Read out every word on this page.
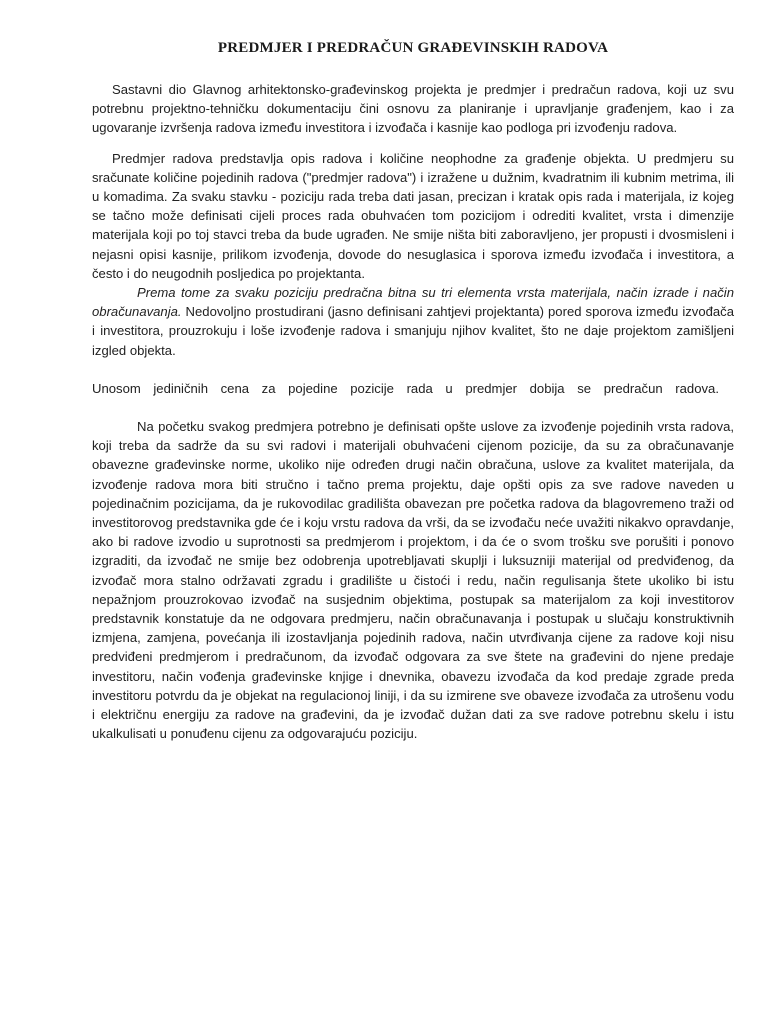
PREDMJER I PREDRAČUN GRAĐEVINSKIH RADOVA

Sastavni dio Glavnog arhitektonsko-građevinskog projekta je predmjer i predračun radova, koji uz svu potrebnu projektno-tehničku dokumentaciju čini osnovu za planiranje i upravljanje građenjem, kao i za ugovaranje izvršenja radova između investitora i izvođača i kasnije kao podloga pri izvođenju radova.

Predmjer radova predstavlja opis radova i količine neophodne za građenje objekta. U predmjeru su sračunate količine pojedinih radova ("predmjer radova") i izražene u dužnim, kvadratnim ili kubnim metrima, ili u komadima. Za svaku stavku - poziciju rada treba dati jasan, precizan i kratak opis rada i materijala, iz kojeg se tačno može definisati cijeli proces rada obuhvaćen tom pozicijom i odrediti kvalitet, vrsta i dimenzije materijala koji po toj stavci treba da bude ugrađen. Ne smije ništa biti zaboravljeno, jer propusti i dvosmisleni i nejasni opisi kasnije, prilikom izvođenja, dovode do nesuglasica i sporova između izvođača i investitora, a često i do neugodnih posljedica po projektanta.

Prema tome za svaku poziciju predračna bitna su tri elementa vrsta materijala, način izrade i način obračunavanja. Nedovoljno prostudirani (jasno definisani zahtjevi projektanta) pored sporova između izvođača i investitora, prouzrokuju i loše izvođenje radova i smanjuju njihov kvalitet, što ne daje projektom zamišljeni izgled objekta.

Unosom jediničnih cena za pojedine pozicije rada u predmjer dobija se predračun radova.

Na početku svakog predmjera potrebno je definisati opšte uslove za izvođenje pojedinih vrsta radova, koji treba da sadrže da su svi radovi i materijali obuhvaćeni cijenom pozicije, da su za obračunavanje obavezne građevinske norme, ukoliko nije određen drugi način obračuna, uslove za kvalitet materijala, da izvođenje radova mora biti stručno i tačno prema projektu, daje opšti opis za sve radove naveden u pojedinačnim pozicijama, da je rukovodilac gradilišta obavezan pre početka radova da blagovremeno traži od investitorovog predstavnika gde će i koju vrstu radova da vrši, da se izvođaču neće uvažiti nikakvo opravdanje, ako bi radove izvodio u suprotnosti sa predmjerom i projektom, i da će o svom trošku sve porušiti i ponovo izgraditi, da izvođač ne smije bez odobrenja upotrebljavati skuplji i luksuzniji materijal od predviđenog, da izvođač mora stalno održavati zgradu i gradilište u čistoći i redu, način regulisanja štete ukoliko bi istu nepažnjom prouzrokovao izvođač na susjednim objektima, postupak sa materijalom za koji investitorov predstavnik konstatuje da ne odgovara predmjeru, način obračunavanja i postupak u slučaju konstruktivnih izmjena, zamjena, povećanja ili izostavljanja pojedinih radova, način utvrđivanja cijene za radove koji nisu predviđeni predmjerom i predračunom, da izvođač odgovara za sve štete na građevini do njene predaje investitoru, način vođenja građevinske knjige i dnevnika, obavezu izvođača da kod predaje zgrade preda investitoru potvrdu da je objekat na regulacionoj liniji, i da su izmirene sve obaveze izvođača za utrošenu vodu i električnu energiju za radove na građevini, da je izvođač dužan dati za sve radove potrebnu skelu i istu ukalkulisati u ponuđenu cijenu za odgovarajuću poziciju.
